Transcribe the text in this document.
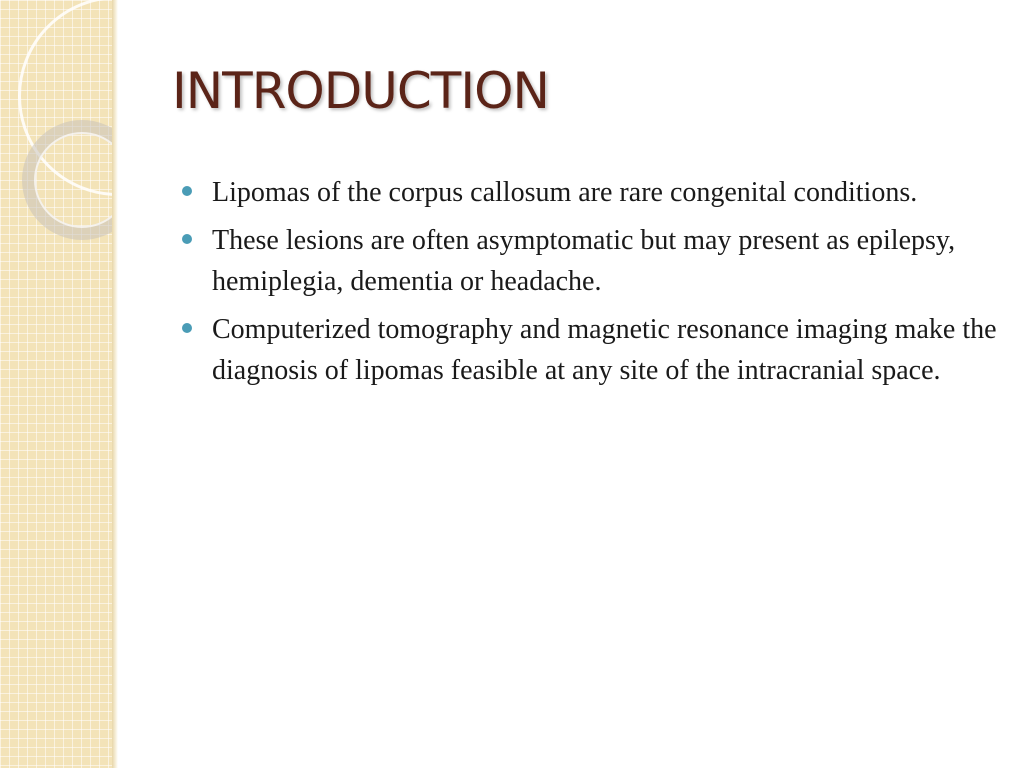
INTRODUCTION
Lipomas of the corpus callosum are rare congenital conditions.
These lesions are often asymptomatic but may present as epilepsy, hemiplegia, dementia or headache.
Computerized tomography and magnetic resonance imaging make the diagnosis of lipomas feasible at any site of the intracranial space.
